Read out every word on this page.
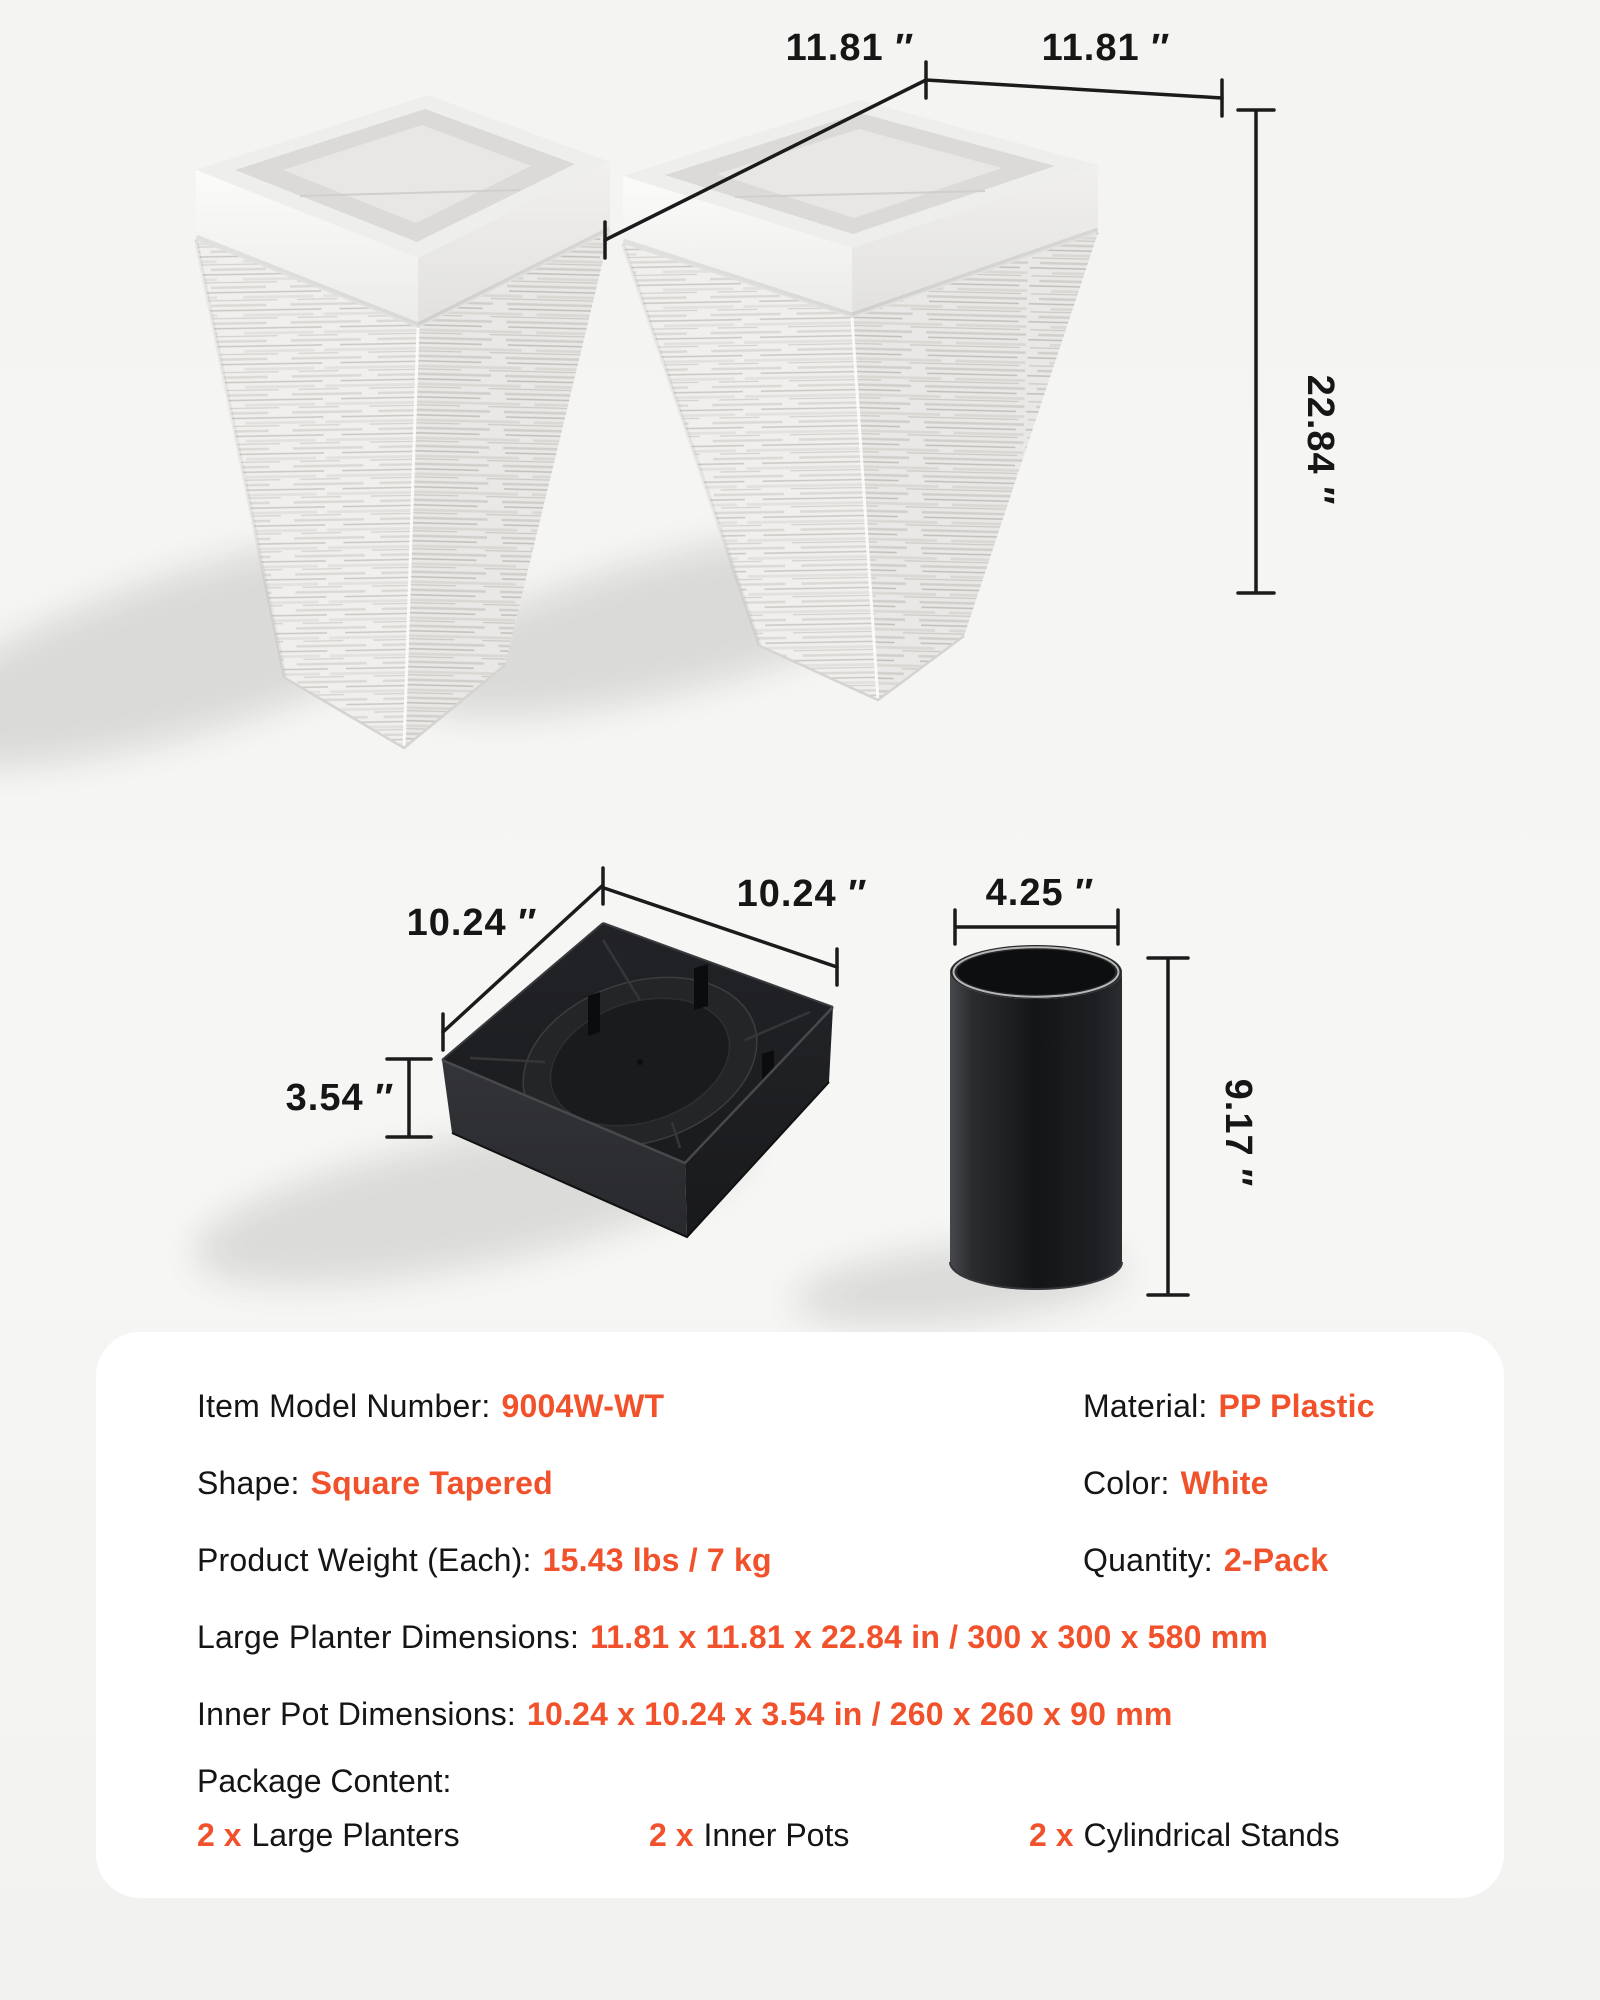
11.81 ″	11.81 ″
22.84 ″
10.24 ″
10.24 ″
3.54 ″
4.25 ″
9.17 ″
Item Model Number: 9004W-WT	Material: PP Plastic
Shape: Square Tapered	Color: White
Product Weight (Each): 15.43 lbs / 7 kg	Quantity: 2-Pack
Large Planter Dimensions: 11.81 x 11.81 x 22.84 in / 300 x 300 x 580 mm
Inner Pot Dimensions: 10.24 x 10.24 x 3.54 in / 260 x 260 x 90 mm
Package Content:
2 x Large Planters	2 x Inner Pots	2 x Cylindrical Stands
